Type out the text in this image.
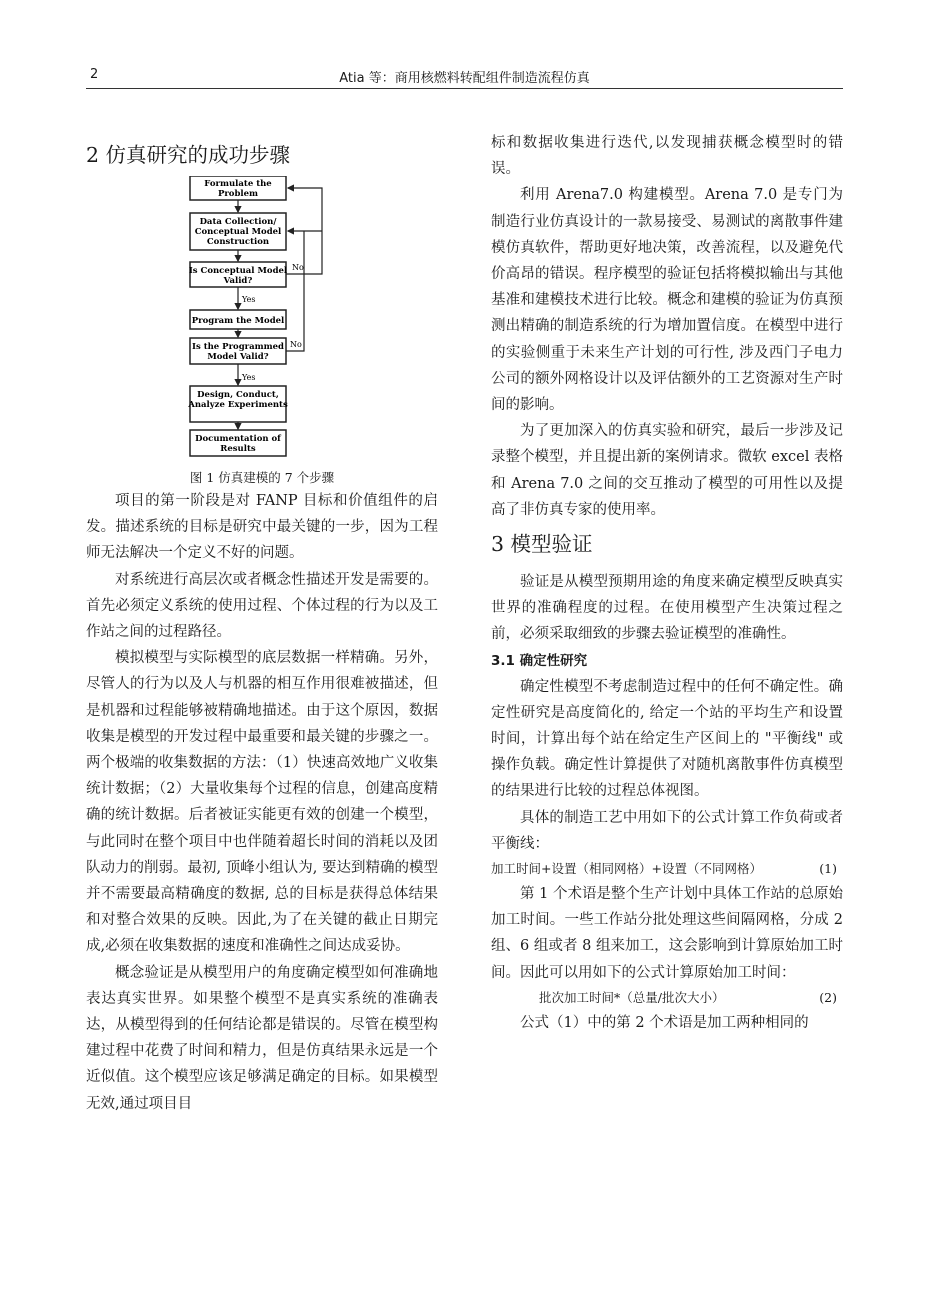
2	Atia 等：商用核燃料转配组件制造流程仿真
2 仿真研究的成功步骤
Formulate the
Problem
Data Collection/
Conceptual Model
Construction
Is Conceptual Model
Valid?
Program the Model
Is the Programmed
Model Valid?
Design, Conduct,
Analyze Experiments
Documentation of
Results
No
No
Yes
Yes
图 1 仿真建模的 7 个步骤

项目的第一阶段是对 FANP 目标和价值组件的启发。描述系统的目标是研究中最关键的一步，因为工程师无法解决一个定义不好的问题。

对系统进行高层次或者概念性描述开发是需要的。首先必须定义系统的使用过程、个体过程的行为以及工作站之间的过程路径。

模拟模型与实际模型的底层数据一样精确。另外，尽管人的行为以及人与机器的相互作用很难被描述，但是机器和过程能够被精确地描述。由于这个原因，数据收集是模型的开发过程中最重要和最关键的步骤之一。两个极端的收集数据的方法：（1）快速高效地广义收集统计数据；（2）大量收集每个过程的信息，创建高度精确的统计数据。后者被证实能更有效的创建一个模型，与此同时在整个项目中也伴随着超长时间的消耗以及团队动力的削弱。最初, 顶峰小组认为, 要达到精确的模型并不需要最高精确度的数据, 总的目标是获得总体结果和对整合效果的反映。因此,为了在关键的截止日期完成,必须在收集数据的速度和准确性之间达成妥协。

概念验证是从模型用户的角度确定模型如何准确地表达真实世界。如果整个模型不是真实系统的准确表达，从模型得到的任何结论都是错误的。尽管在模型构建过程中花费了时间和精力，但是仿真结果永远是一个近似值。这个模型应该足够满足确定的目标。如果模型无效,通过项目目

标和数据收集进行迭代,以发现捕获概念模型时的错误。

利用 Arena7.0 构建模型。Arena 7.0 是专门为制造行业仿真设计的一款易接受、易测试的离散事件建模仿真软件，帮助更好地决策，改善流程，以及避免代价高昂的错误。程序模型的验证包括将模拟输出与其他基准和建模技术进行比较。概念和建模的验证为仿真预测出精确的制造系统的行为增加置信度。在模型中进行的实验侧重于未来生产计划的可行性, 涉及西门子电力公司的额外网格设计以及评估额外的工艺资源对生产时间的影响。

为了更加深入的仿真实验和研究，最后一步涉及记录整个模型，并且提出新的案例请求。微软 excel 表格和 Arena 7.0 之间的交互推动了模型的可用性以及提高了非仿真专家的使用率。

3 模型验证

验证是从模型预期用途的角度来确定模型反映真实世界的准确程度的过程。在使用模型产生决策过程之前，必须采取细致的步骤去验证模型的准确性。

3.1 确定性研究

确定性模型不考虑制造过程中的任何不确定性。确定性研究是高度简化的, 给定一个站的平均生产和设置时间，计算出每个站在给定生产区间上的 "平衡线" 或操作负载。确定性计算提供了对随机离散事件仿真模型的结果进行比较的过程总体视图。

具体的制造工艺中用如下的公式计算工作负荷或者平衡线：

加工时间+设置（相同网格）+设置（不同网格）	(1)

第 1 个术语是整个生产计划中具体工作站的总原始加工时间。一些工作站分批处理这些间隔网格，分成 2 组、6 组或者 8 组来加工，这会影响到计算原始加工时间。因此可以用如下的公式计算原始加工时间：

批次加工时间*（总量/批次大小）	(2)

公式（1）中的第 2 个术语是加工两种相同的
